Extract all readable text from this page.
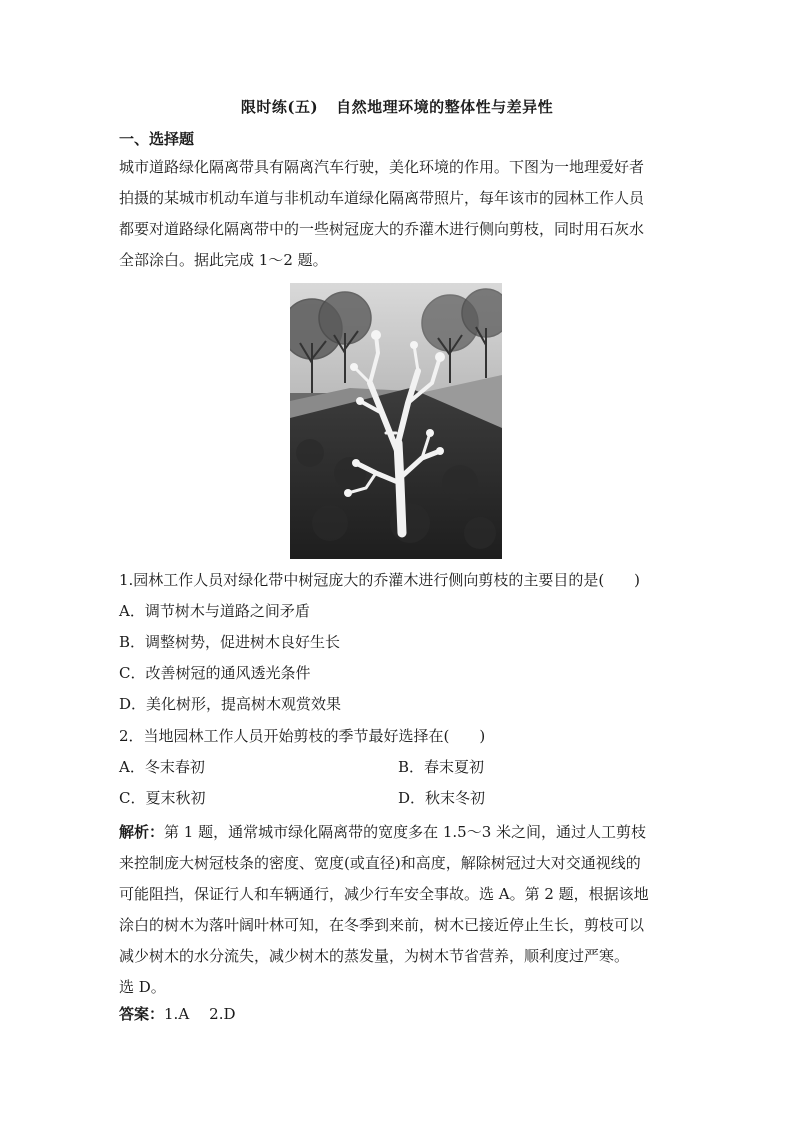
限时练(五) 自然地理环境的整体性与差异性
一、选择题
城市道路绿化隔离带具有隔离汽车行驶，美化环境的作用。下图为一地理爱好者
拍摄的某城市机动车道与非机动车道绿化隔离带照片，每年该市的园林工作人员
都要对道路绿化隔离带中的一些树冠庞大的乔灌木进行侧向剪枝，同时用石灰水
全部涂白。据此完成 1～2 题。
1.园林工作人员对绿化带中树冠庞大的乔灌木进行侧向剪枝的主要目的是(　　)
A．调节树木与道路之间矛盾
B．调整树势，促进树木良好生长
C．改善树冠的通风透光条件
D．美化树形，提高树木观赏效果
2．当地园林工作人员开始剪枝的季节最好选择在(　　)
A．冬末春初	B．春末夏初
C．夏末秋初	D．秋末冬初
解析：第 1 题，通常城市绿化隔离带的宽度多在 1.5～3 米之间，通过人工剪枝
来控制庞大树冠枝条的密度、宽度(或直径)和高度，解除树冠过大对交通视线的
可能阻挡，保证行人和车辆通行，减少行车安全事故。选 A。第 2 题，根据该地
涂白的树木为落叶阔叶林可知，在冬季到来前，树木已接近停止生长，剪枝可以
减少树木的水分流失，减少树木的蒸发量，为树木节省营养，顺利度过严寒。
选 D。
答案：1.A 2.D
